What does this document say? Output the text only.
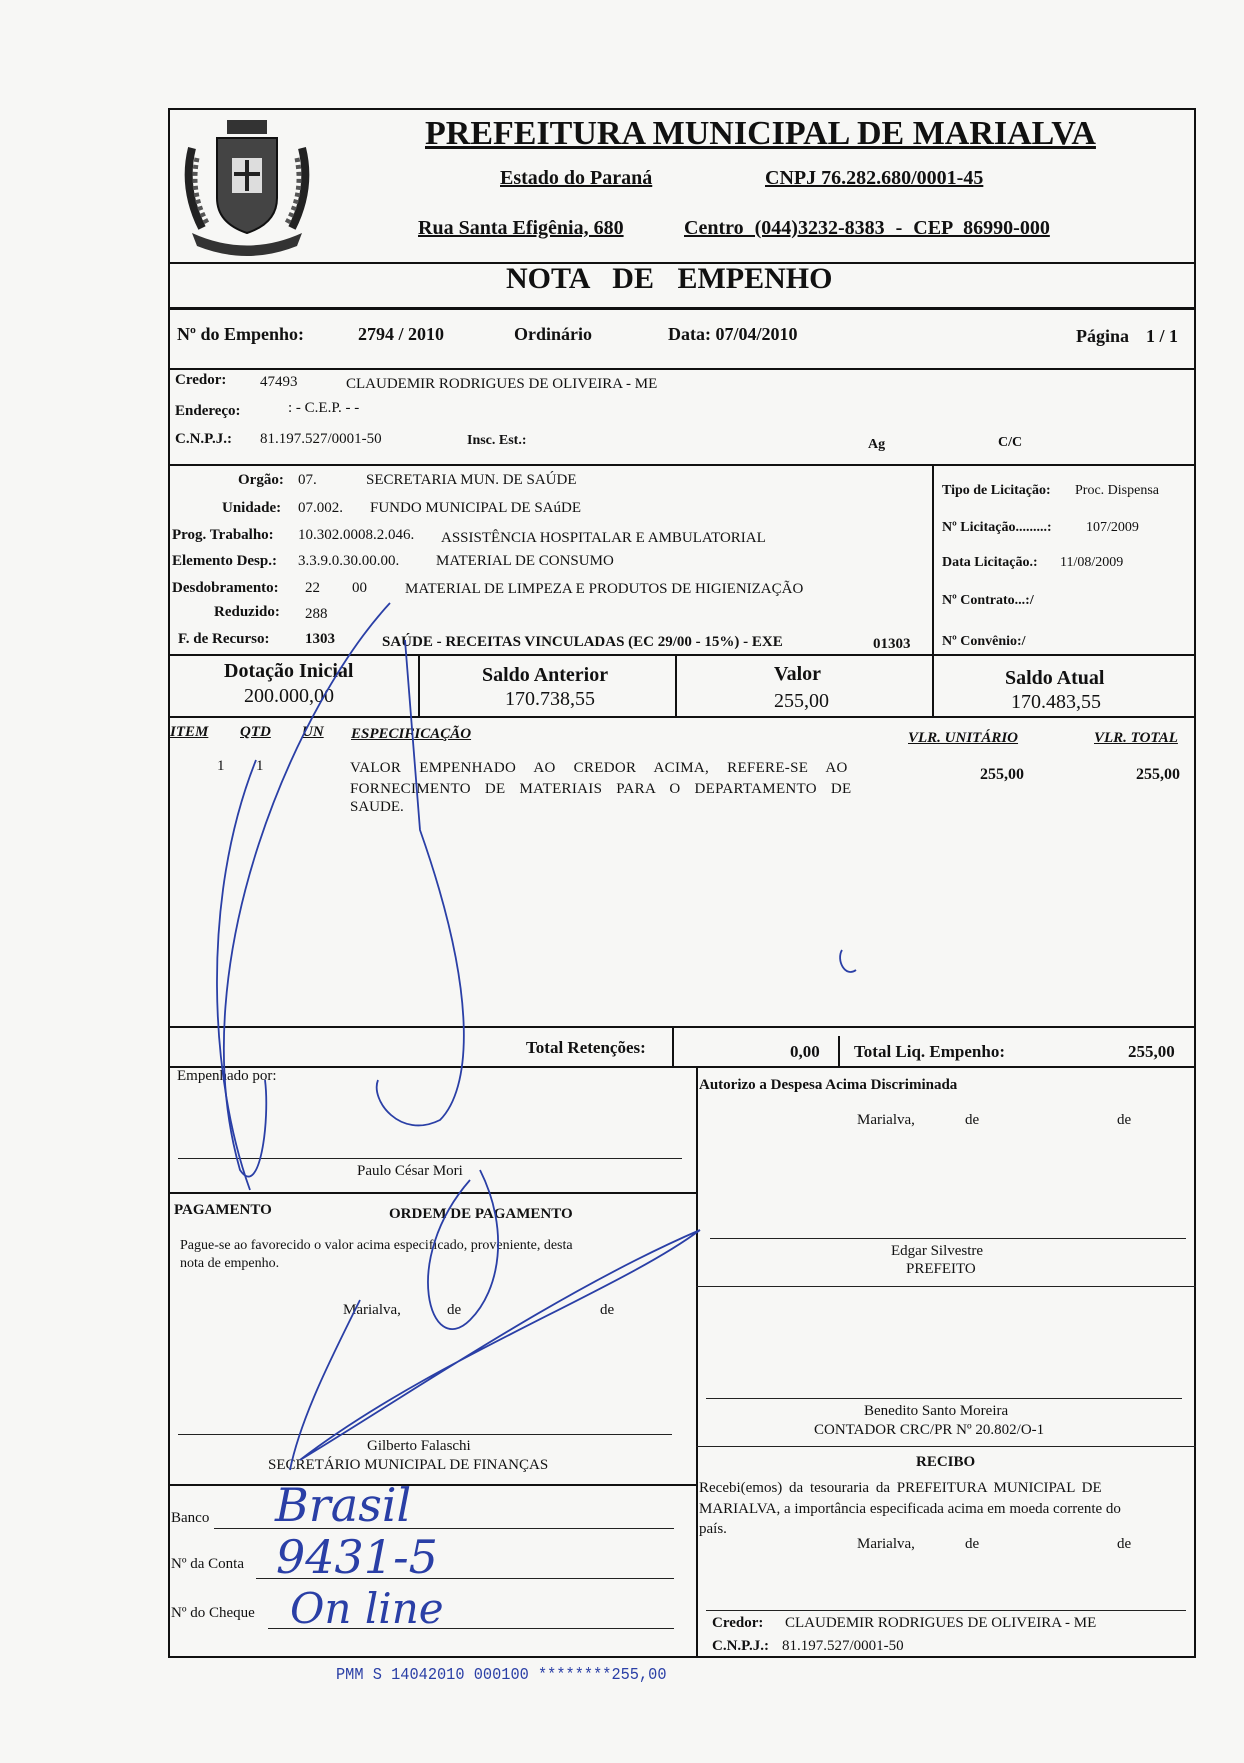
PREFEITURA MUNICIPAL DE MARIALVA
Estado do Paraná	CNPJ 76.282.680/0001-45
Rua Santa Efigênia, 680	Centro (044)3232-8383 - CEP 86990-000
NOTA DE EMPENHO
Nº do Empenho:	2794 / 2010	Ordinário	Data: 07/04/2010	Página 1 / 1
Credor: 47493	CLAUDEMIR RODRIGUES DE OLIVEIRA - ME
Endereço:	: - C.E.P. - -
C.N.P.J.: 81.197.527/0001-50	Insc. Est.:	Ag	C/C
Orgão: 07.	SECRETARIA MUN. DE SAÚDE
Unidade: 07.002. FUNDO MUNICIPAL DE SAúDE
Prog. Trabalho: 10.302.0008.2.046. ASSISTÊNCIA HOSPITALAR E AMBULATORIAL
Elemento Desp.: 3.3.9.0.30.00.00. MATERIAL DE CONSUMO
Desdobramento: 22 00	MATERIAL DE LIMPEZA E PRODUTOS DE HIGIENIZAÇÃO
Reduzido: 288
F. de Recurso: 1303	SAÚDE - RECEITAS VINCULADAS (EC 29/00 - 15%) - EXE	01303
Tipo de Licitação: Proc. Dispensa
Nº Licitação.........: 107/2009
Data Licitação.: 11/08/2009
Nº Contrato...:/
Nº Convênio:/
Dotação Inicial
200.000,00
Saldo Anterior
170.738,55
Valor
255,00
Saldo Atual
170.483,55
ITEM QTD UN ESPECIFICAÇÃO	VLR. UNITÁRIO	VLR. TOTAL
1 1	VALOR EMPENHADO AO CREDOR ACIMA, REFERE-SE AO
FORNECIMENTO DE MATERIAIS PARA O DEPARTAMENTO DE
SAUDE.
255,00	255,00
Total Retenções:	0,00 Total Liq. Empenho:	255,00
Empenhado por:
Paulo César Mori
Autorizo a Despesa Acima Discriminada
Marialva,	de	de
PAGAMENTO	ORDEM DE PAGAMENTO
Pague-se ao favorecido o valor acima especificado, proveniente, desta
nota de empenho.
Marialva,	de	de
Edgar Silvestre
PREFEITO
Benedito Santo Moreira
CONTADOR CRC/PR Nº 20.802/O-1
Gilberto Falaschi
SECRETÁRIO MUNICIPAL DE FINANÇAS	RECIBO
Recebi(emos) da tesouraria da PREFEITURA MUNICIPAL DE
MARIALVA, a importância especificada acima em moeda corrente do
país.
Marialva,	de	de
Credor: CLAUDEMIR RODRIGUES DE OLIVEIRA - ME
C.N.P.J.: 81.197.527/0001-50
Banco Brasil
Nº da Conta 9431-5
Nº do Cheque On line
PMM S 14042010 000100 ********255,00
